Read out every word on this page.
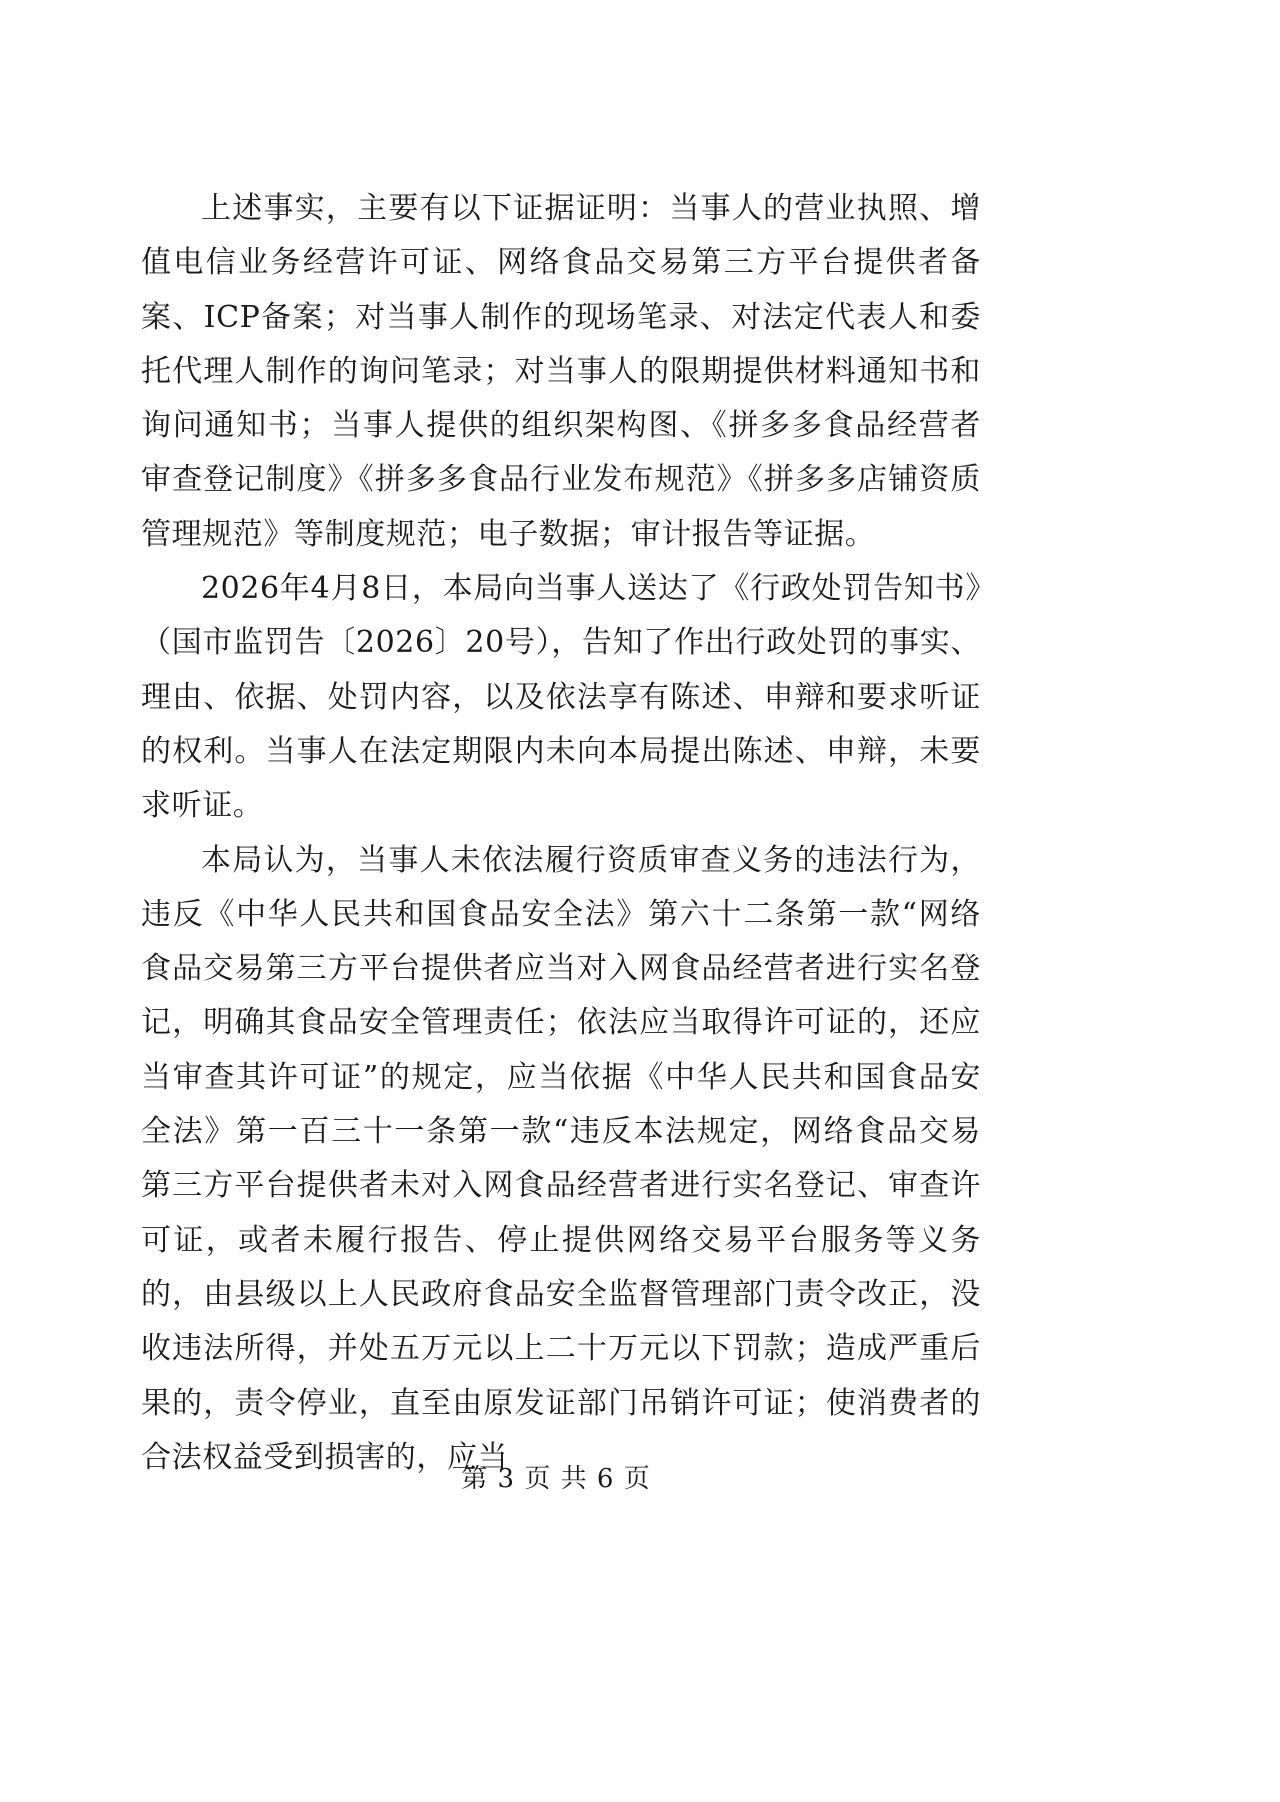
上述事实，主要有以下证据证明：当事人的营业执照、增值电信业务经营许可证、网络食品交易第三方平台提供者备案、ICP备案；对当事人制作的现场笔录、对法定代表人和委托代理人制作的询问笔录；对当事人的限期提供材料通知书和询问通知书；当事人提供的组织架构图、《拼多多食品经营者审查登记制度》《拼多多食品行业发布规范》《拼多多店铺资质管理规范》等制度规范；电子数据；审计报告等证据。

2026年4月8日，本局向当事人送达了《行政处罚告知书》（国市监罚告〔2026〕20号），告知了作出行政处罚的事实、理由、依据、处罚内容，以及依法享有陈述、申辩和要求听证的权利。当事人在法定期限内未向本局提出陈述、申辩，未要求听证。

本局认为，当事人未依法履行资质审查义务的违法行为，违反《中华人民共和国食品安全法》第六十二条第一款“网络食品交易第三方平台提供者应当对入网食品经营者进行实名登记，明确其食品安全管理责任；依法应当取得许可证的，还应当审查其许可证”的规定，应当依据《中华人民共和国食品安全法》第一百三十一条第一款“违反本法规定，网络食品交易第三方平台提供者未对入网食品经营者进行实名登记、审查许可证，或者未履行报告、停止提供网络交易平台服务等义务的，由县级以上人民政府食品安全监督管理部门责令改正，没收违法所得，并处五万元以上二十万元以下罚款；造成严重后果的，责令停业，直至由原发证部门吊销许可证；使消费者的合法权益受到损害的，应当

第 3 页 共 6 页
